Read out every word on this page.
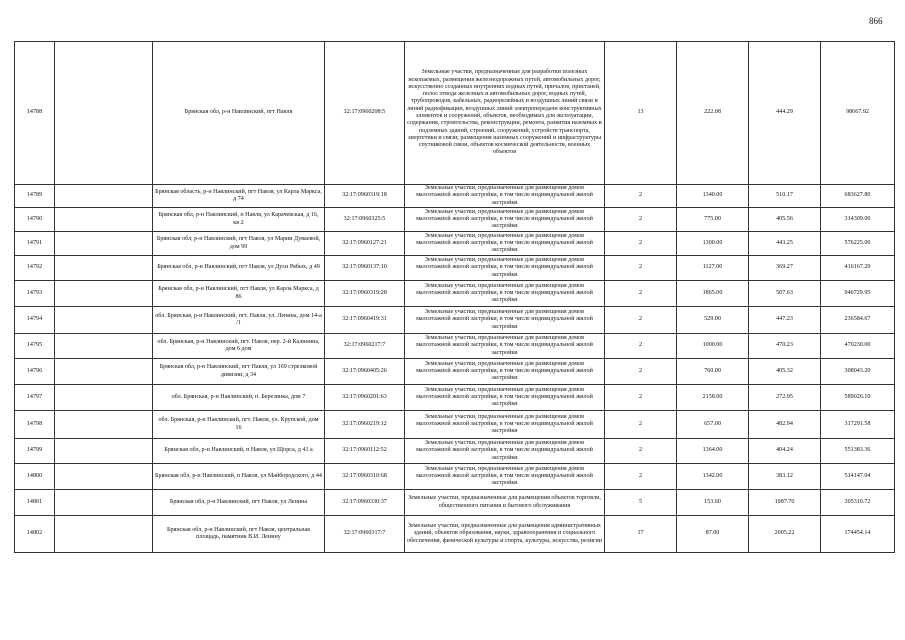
866
14788		Брянская обл, р-н Навлинский, пгт Навля	32:17:0960208:5	Земельные участки, предназначенные для разработки полезных ископаемых, размещения железнодорожных путей, автомобильных дорог, искусственно созданных внутренних водных путей, причалов, пристаней, полос отвода железных и автомобильных дорог, водных путей, трубопроводов, кабельных, радиорелейных и воздушных линий связи и линий радиофикации, воздушных линий электропередачи конструктивных элементов и сооружений, объектов, необходимых для эксплуатации, содержания, строительства, реконструкции, ремонта, развития наземных и подземных зданий, строений, сооружений, устройств транспорта, энергетики и связи; размещения наземных сооружений и инфраструктуры спутниковой связи, объектов космической деятельности, военных объектов	13	222.08	444.29	98667.92
14789		Брянская область, р-н Навлинский, пгт Навля, ул Карла Маркса, д 74	32:17:0960319:18	Земельные участки, предназначенные для размещения домов малоэтажной жилой застройки, в том числе индивидуальной жилой застройки	2	1340.00	510.17	683627.80
14790		Брянская обл, р-н Навлинский, п Навля, ул Карачевская, д 16, кв 2	32:17:0960325:5	Земельные участки, предназначенные для размещения домов малоэтажной жилой застройки, в том числе индивидуальной жилой застройки	2	775.00	405.56	314309.00
14791		Брянская обл, р-н Навлинский, пгт Навля, ул Марии Дуваевой, дом 99	32:17:0960127:21	Земельные участки, предназначенные для размещения домов малоэтажной жилой застройки, в том числе индивидуальной жилой застройки	2	1300.00	443.25	576225.00
14792		Брянская обл, р-н Навлинский, пгт Навля, ул Дуси Рябых, д 49	32:17:0960137:10	Земельные участки, предназначенные для размещения домов малоэтажной жилой застройки, в том числе индивидуальной жилой застройки	2	1127.00	369.27	416167.29
14793		Брянская обл, р-н Навлинский, пгт Навля, ул Карла Маркса, д 86	32:17:0960319:28	Земельные участки, предназначенные для размещения домов малоэтажной жилой застройки, в том числе индивидуальной жилой застройки	2	1865.00	507.63	946729.95
14794		обл. Брянская, р-н Навлинский, пгт. Навля, ул. Ленина, дом 14-а /1	32:17:0960419:31	Земельные участки, предназначенные для размещения домов малоэтажной жилой застройки, в том числе индивидуальной жилой застройки	2	529.00	447.23	236584.67
14795		обл. Брянская, р-н Навлинский, пгт. Навля, пер. 2-й Калинина, дом 6 дом	32:17:0960217:7	Земельные участки, предназначенные для размещения домов малоэтажной жилой застройки, в том числе индивидуальной жилой застройки	2	1000.00	470.23	470230.00
14796		Брянская обл, р-н Навлинский, пгт Навля, ул 169 стрелковой дивизии, д 34	32:17:0960405:26	Земельные участки, предназначенные для размещения домов малоэтажной жилой застройки, в том числе индивидуальной жилой застройки	2	760.00	405.32	308043.20
14797		обл. Брянская, р-н Навлинский, п. Березинка, дом 7	32:17:0960201:63	Земельные участки, предназначенные для размещения домов малоэтажной жилой застройки, в том числе индивидуальной жилой застройки	2	2158.00	272.95	589026.10
14798		обл. Брянская, р-н Навлинский, пгт. Навля, ул. Крупской, дом 16	32:17:0960219:12	Земельные участки, предназначенные для размещения домов малоэтажной жилой застройки, в том числе индивидуальной жилой застройки	2	657.00	482.94	317291.58
14799		Брянская обл, р-н Навлинский, п Навля, ул Щорса, д 41 а	32:17:0960112:52	Земельные участки, предназначенные для размещения домов малоэтажной жилой застройки, в том числе индивидуальной жилой застройки	2	1364.00	404.24	551383.36
14800		Брянская обл, р-н Навлинский, п Навля, ул Майбородского, д 44	32:17:0960310:68	Земельные участки, предназначенные для размещения домов малоэтажной жилой застройки, в том числе индивидуальной жилой застройки	2	1342.00	383.12	514147.04
14801		Брянская обл, р-н Навлинский, пгт Навля, ул Ленина	32:17:0960330:37	Земельные участки, предназначенные для размещения объектов торговли, общественного питания и бытового обслуживания	5	153.60	1987.70	305310.72
14802		Брянская обл, р-н Навлинский, пгт Навля, центральная площадь, памятник В.И. Ленину	32:17:0960317:7	Земельные участки, предназначенные для размещения административных зданий, объектов образования, науки, здравоохранения и социального обеспечения, физической культуры и спорта, культуры, искусства, религии	17	87.00	2005.22	174454.14
